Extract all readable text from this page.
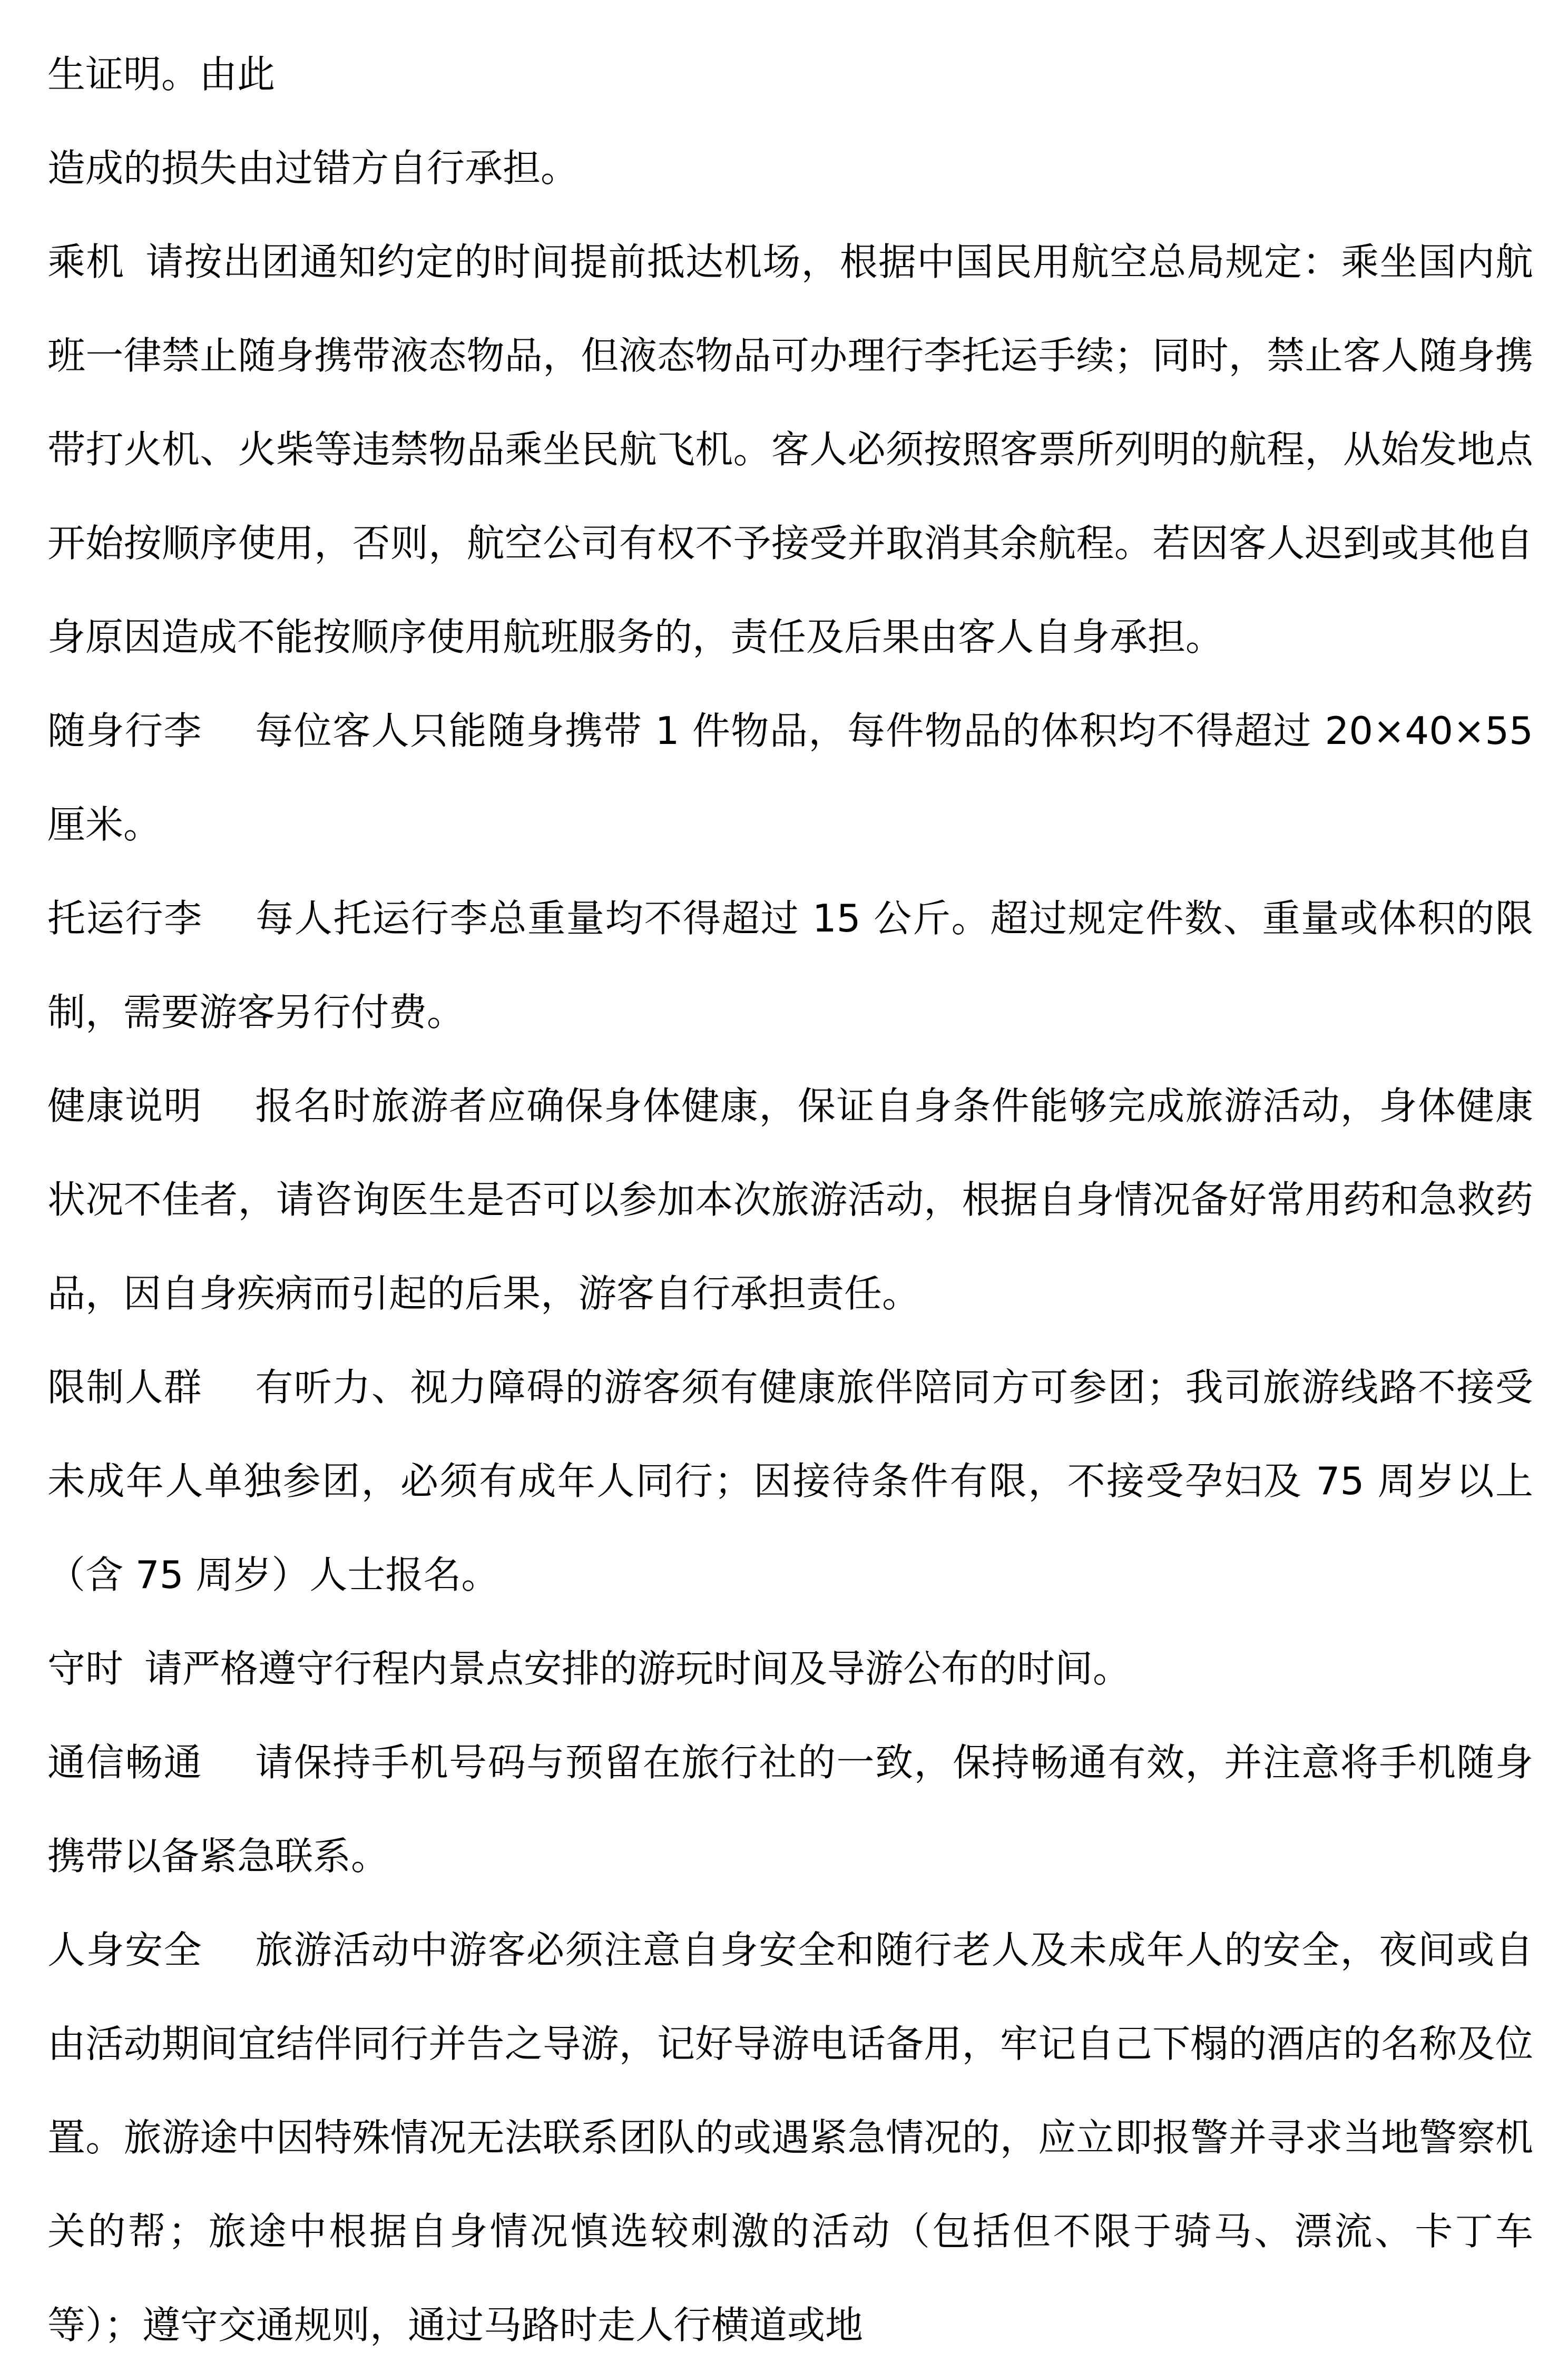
生证明。由此

造成的损失由过错方自行承担。

乘机 请按出团通知约定的时间提前抵达机场，根据中国民用航空总局规定：乘坐国内航班一律禁止随身携带液态物品，但液态物品可办理行李托运手续；同时，禁止客人随身携带打火机、火柴等违禁物品乘坐民航飞机。客人必须按照客票所列明的航程，从始发地点开始按顺序使用，否则，航空公司有权不予接受并取消其余航程。若因客人迟到或其他自身原因造成不能按顺序使用航班服务的，责任及后果由客人自身承担。

随身行李 每位客人只能随身携带 1 件物品，每件物品的体积均不得超过 20×40×55 厘米。

托运行李 每人托运行李总重量均不得超过 15 公斤。超过规定件数、重量或体积的限制，需要游客另行付费。

健康说明 报名时旅游者应确保身体健康，保证自身条件能够完成旅游活动，身体健康状况不佳者，请咨询医生是否可以参加本次旅游活动，根据自身情况备好常用药和急救药品，因自身疾病而引起的后果，游客自行承担责任。

限制人群 有听力、视力障碍的游客须有健康旅伴陪同方可参团；我司旅游线路不接受未成年人单独参团，必须有成年人同行；因接待条件有限，不接受孕妇及 75 周岁以上（含 75 周岁）人士报名。

守时 请严格遵守行程内景点安排的游玩时间及导游公布的时间。

通信畅通 请保持手机号码与预留在旅行社的一致，保持畅通有效，并注意将手机随身携带以备紧急联系。

人身安全 旅游活动中游客必须注意自身安全和随行老人及未成年人的安全，夜间或自由活动期间宜结伴同行并告之导游，记好导游电话备用，牢记自己下榻的酒店的名称及位置。旅游途中因特殊情况无法联系团队的或遇紧急情况的，应立即报警并寻求当地警察机关的帮；旅途中根据自身情况慎选较刺激的活动（包括但不限于骑马、漂流、卡丁车等）；遵守交通规则，通过马路时走人行横道或地
